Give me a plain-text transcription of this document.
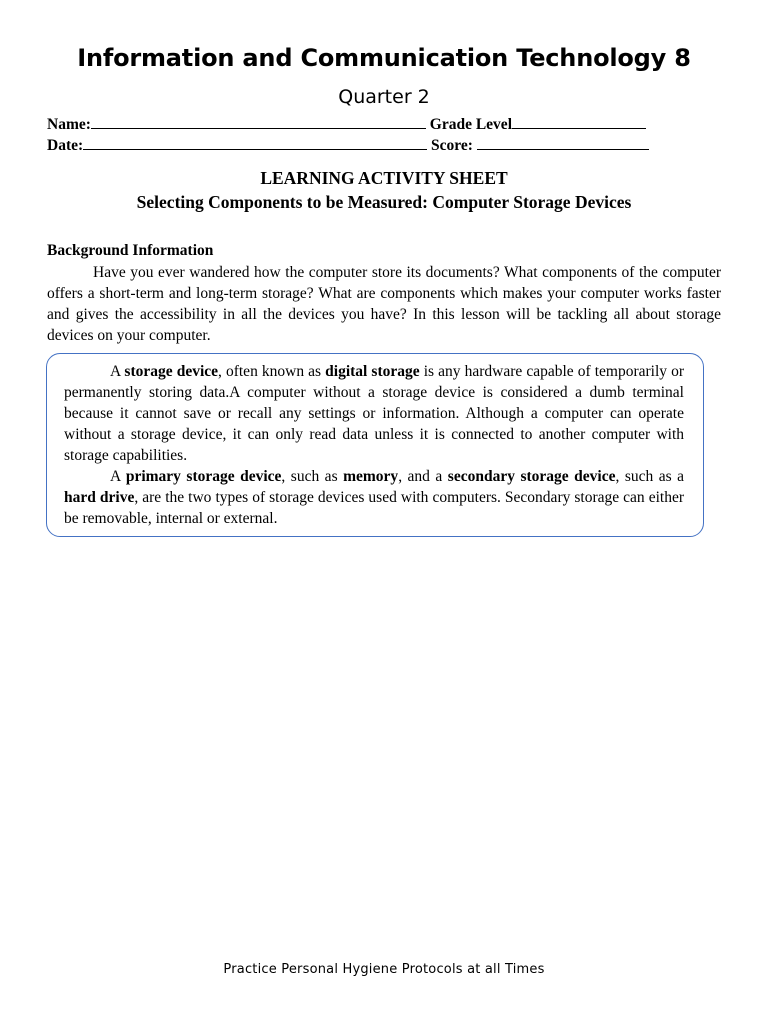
Information and Communication Technology 8
Quarter 2
Name:	Grade Level
Date:	Score:
LEARNING ACTIVITY SHEET
Selecting Components to be Measured: Computer Storage Devices
Background Information
Have you ever wandered how the computer store its documents? What components of the computer offers a short-term and long-term storage? What are components which makes your computer works faster and gives the accessibility in all the devices you have? In this lesson will be tackling all about storage devices on your computer.

A storage device, often known as digital storage is any hardware capable of temporarily or permanently storing data.A computer without a storage device is considered a dumb terminal because it cannot save or recall any settings or information. Although a computer can operate without a storage device, it can only read data unless it is connected to another computer with storage capabilities.

A primary storage device, such as memory, and a secondary storage device, such as a hard drive, are the two types of storage devices used with computers. Secondary storage can either be removable, internal or external.

Practice Personal Hygiene Protocols at all Times
